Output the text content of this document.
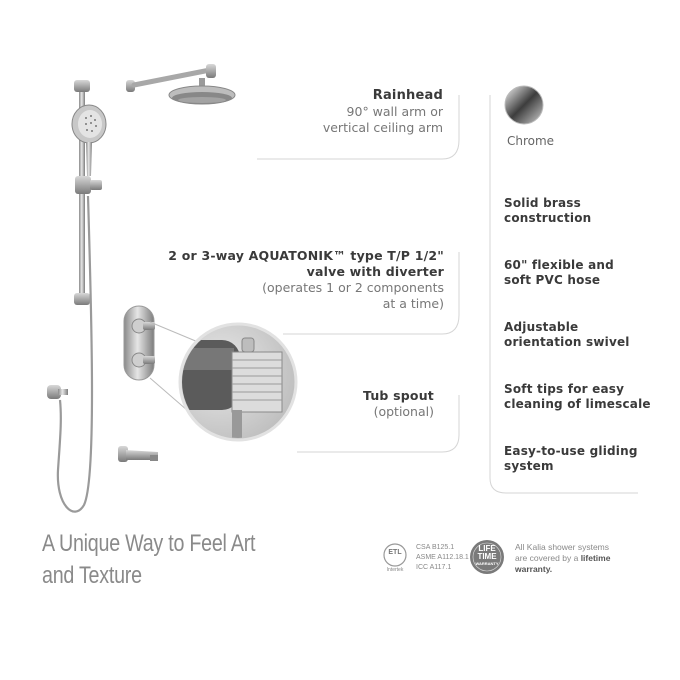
Rainhead
90° wall arm or
vertical ceiling arm
2 or 3-way AQUATONIK™ type T/P 1/2"
valve with diverter
(operates 1 or 2 components
at a time)
Tub spout
(optional)
Chrome
Solid brass
construction
60" flexible and
soft PVC hose
Adjustable
orientation swivel
Soft tips for easy
cleaning of limescale
Easy-to-use gliding
system
A Unique Way to Feel Art
and Texture
ETL
Intertek
CSA B125.1
ASME A112.18.1
ICC A117.1
LIFE
TIME
WARRANTY
All Kalia shower systems
are covered by a lifetime
warranty.
